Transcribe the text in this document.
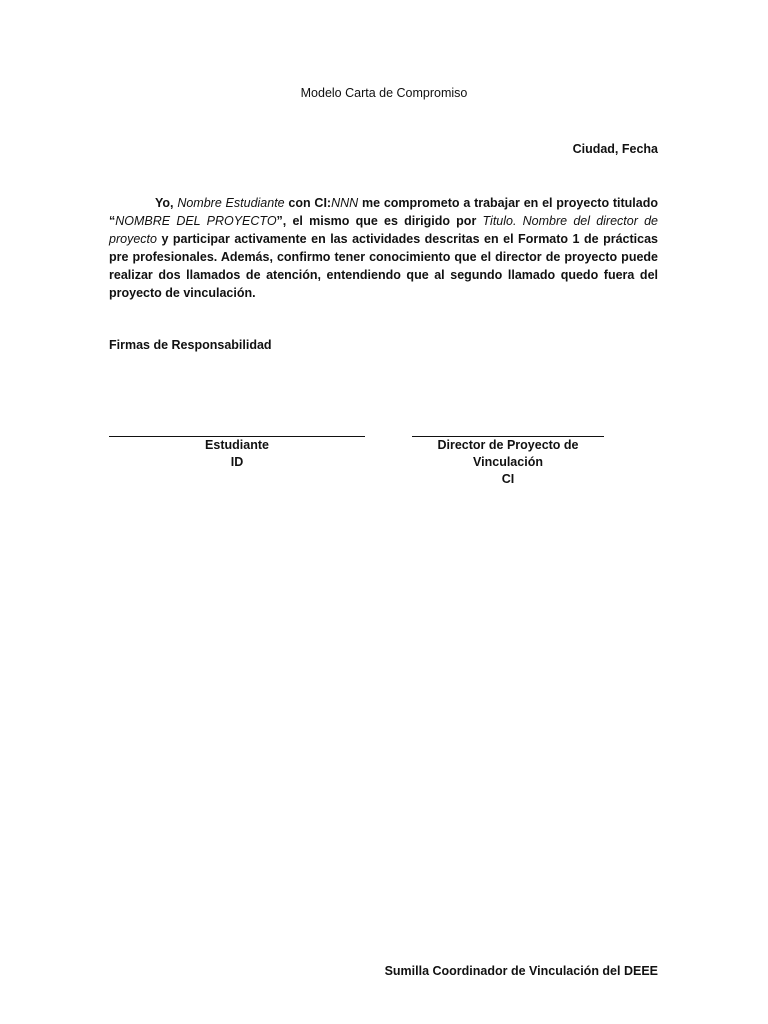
Modelo Carta de Compromiso
Ciudad, Fecha
Yo, Nombre Estudiante con CI:NNN me comprometo a trabajar en el proyecto titulado “NOMBRE DEL PROYECTO”, el mismo que es dirigido por Titulo. Nombre del director de proyecto y participar activamente en las actividades descritas en el Formato 1 de prácticas pre profesionales. Además, confirmo tener conocimiento que el director de proyecto puede realizar dos llamados de atención, entendiendo que al segundo llamado quedo fuera del proyecto de vinculación.
Firmas de Responsabilidad
Estudiante
ID
Director de Proyecto de
Vinculación
CI
Sumilla Coordinador de Vinculación del DEEE
